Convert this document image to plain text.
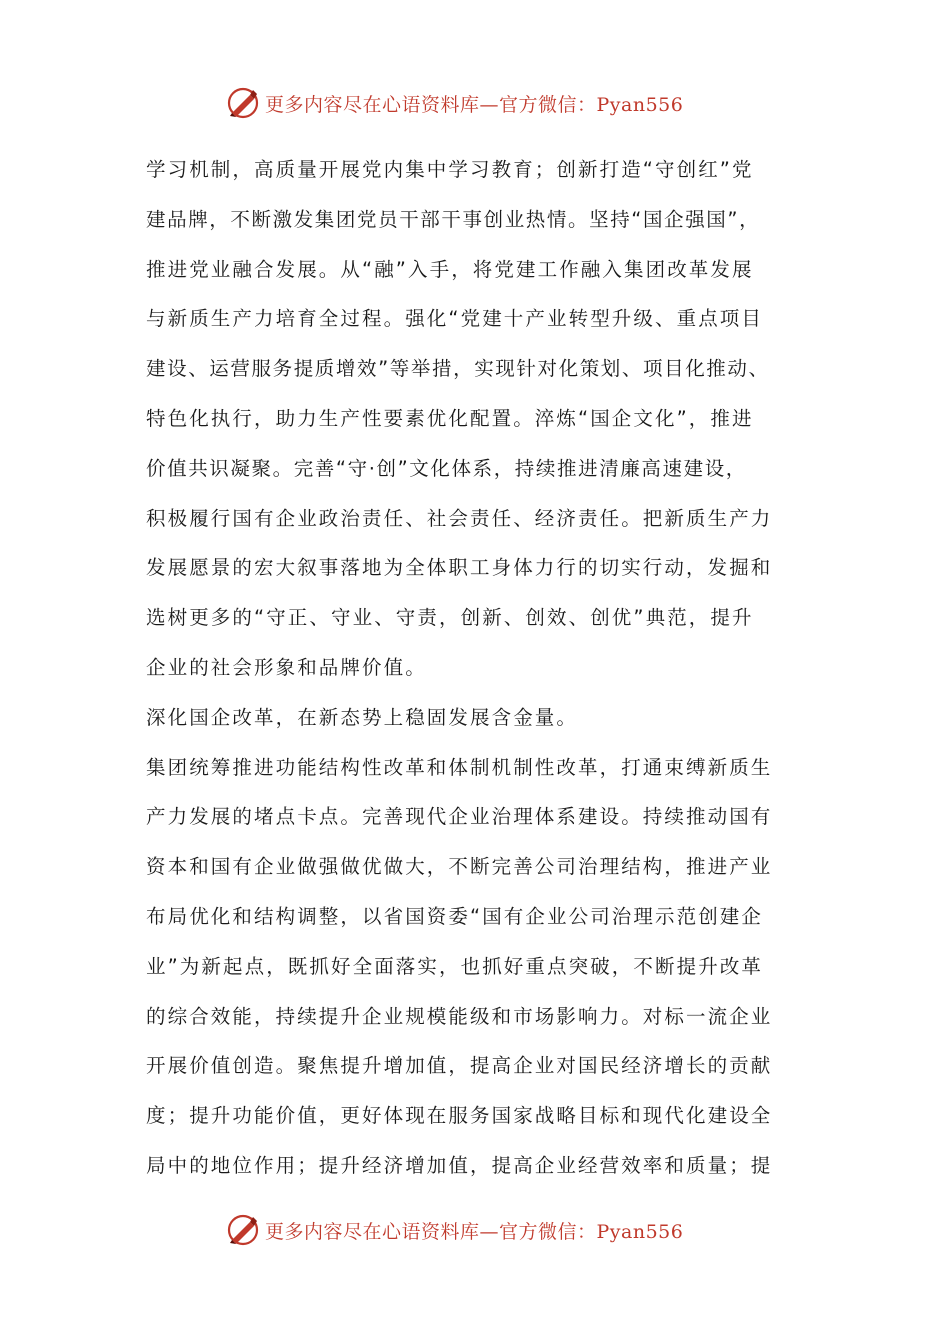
更多内容尽在心语资料库—官方微信：Pyan556
学习机制，高质量开展党内集中学习教育；创新打造“守创红”党
建品牌，不断激发集团党员干部干事创业热情。坚持“国企强国”，
推进党业融合发展。从“融”入手，将党建工作融入集团改革发展
与新质生产力培育全过程。强化“党建十产业转型升级、重点项目
建设、运营服务提质增效”等举措，实现针对化策划、项目化推动、
特色化执行，助力生产性要素优化配置。淬炼“国企文化”，推进
价值共识凝聚。完善“守·创”文化体系，持续推进清廉高速建设，
积极履行国有企业政治责任、社会责任、经济责任。把新质生产力
发展愿景的宏大叙事落地为全体职工身体力行的切实行动，发掘和
选树更多的“守正、守业、守责，创新、创效、创优”典范，提升
企业的社会形象和品牌价值。
深化国企改革，在新态势上稳固发展含金量。
集团统筹推进功能结构性改革和体制机制性改革，打通束缚新质生
产力发展的堵点卡点。完善现代企业治理体系建设。持续推动国有
资本和国有企业做强做优做大，不断完善公司治理结构，推进产业
布局优化和结构调整，以省国资委“国有企业公司治理示范创建企
业”为新起点，既抓好全面落实，也抓好重点突破，不断提升改革
的综合效能，持续提升企业规模能级和市场影响力。对标一流企业
开展价值创造。聚焦提升增加值，提高企业对国民经济增长的贡献
度；提升功能价值，更好体现在服务国家战略目标和现代化建设全
局中的地位作用；提升经济增加值，提高企业经营效率和质量；提
更多内容尽在心语资料库—官方微信：Pyan556
